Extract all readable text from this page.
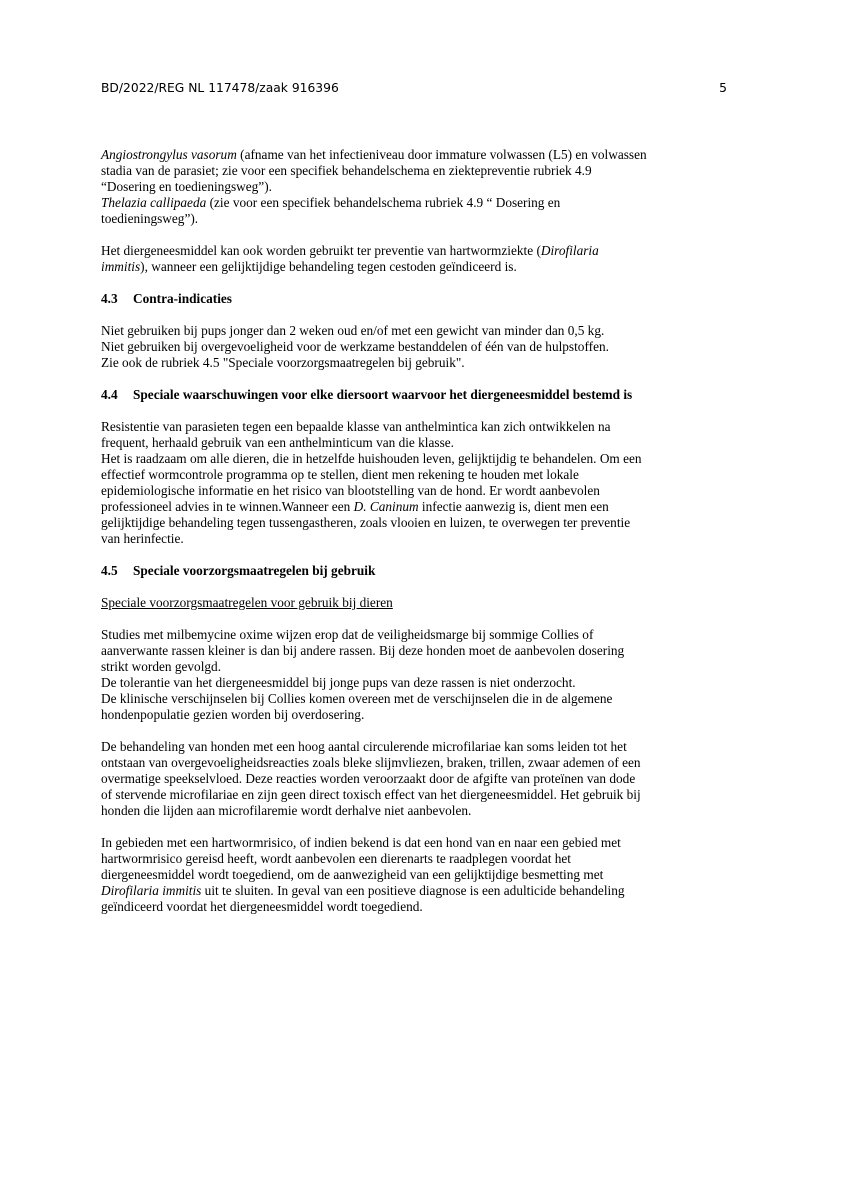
BD/2022/REG NL 117478/zaak 916396	5

Angiostrongylus vasorum (afname van het infectieniveau door immature volwassen (L5) en volwassen

stadia van de parasiet; zie voor een specifiek behandelschema en ziektepreventie rubriek 4.9

“Dosering en toedieningsweg”).

Thelazia callipaeda (zie voor een specifiek behandelschema rubriek 4.9 “ Dosering en

toedieningsweg”).

Het diergeneesmiddel kan ook worden gebruikt ter preventie van hartwormziekte (Dirofilaria

immitis), wanneer een gelijktijdige behandeling tegen cestoden geïndiceerd is.

4.3 Contra-indicaties

Niet gebruiken bij pups jonger dan 2 weken oud en/of met een gewicht van minder dan 0,5 kg.

Niet gebruiken bij overgevoeligheid voor de werkzame bestanddelen of één van de hulpstoffen.

Zie ook de rubriek 4.5 "Speciale voorzorgsmaatregelen bij gebruik".

4.4 Speciale waarschuwingen voor elke diersoort waarvoor het diergeneesmiddel bestemd is

Resistentie van parasieten tegen een bepaalde klasse van anthelmintica kan zich ontwikkelen na

frequent, herhaald gebruik van een anthelminticum van die klasse.

Het is raadzaam om alle dieren, die in hetzelfde huishouden leven, gelijktijdig te behandelen. Om een

effectief wormcontrole programma op te stellen, dient men rekening te houden met lokale

epidemiologische informatie en het risico van blootstelling van de hond. Er wordt aanbevolen

professioneel advies in te winnen.Wanneer een D. Caninum infectie aanwezig is, dient men een

gelijktijdige behandeling tegen tussengastheren, zoals vlooien en luizen, te overwegen ter preventie

van herinfectie.

4.5 Speciale voorzorgsmaatregelen bij gebruik

Speciale voorzorgsmaatregelen voor gebruik bij dieren

Studies met milbemycine oxime wijzen erop dat de veiligheidsmarge bij sommige Collies of

aanverwante rassen kleiner is dan bij andere rassen. Bij deze honden moet de aanbevolen dosering

strikt worden gevolgd.

De tolerantie van het diergeneesmiddel bij jonge pups van deze rassen is niet onderzocht.

De klinische verschijnselen bij Collies komen overeen met de verschijnselen die in de algemene

hondenpopulatie gezien worden bij overdosering.

De behandeling van honden met een hoog aantal circulerende microfilariae kan soms leiden tot het

ontstaan van overgevoeligheidsreacties zoals bleke slijmvliezen, braken, trillen, zwaar ademen of een

overmatige speekselvloed. Deze reacties worden veroorzaakt door de afgifte van proteïnen van dode

of stervende microfilariae en zijn geen direct toxisch effect van het diergeneesmiddel. Het gebruik bij

honden die lijden aan microfilaremie wordt derhalve niet aanbevolen.

In gebieden met een hartwormrisico, of indien bekend is dat een hond van en naar een gebied met

hartwormrisico gereisd heeft, wordt aanbevolen een dierenarts te raadplegen voordat het

diergeneesmiddel wordt toegediend, om de aanwezigheid van een gelijktijdige besmetting met

Dirofilaria immitis uit te sluiten. In geval van een positieve diagnose is een adulticide behandeling

geïndiceerd voordat het diergeneesmiddel wordt toegediend.
